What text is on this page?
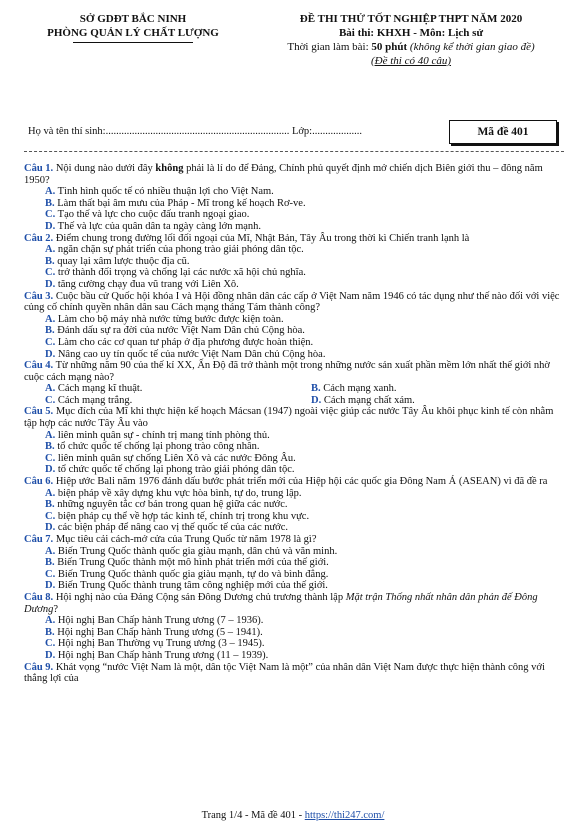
SỞ GDĐT BẮC NINH
PHÒNG QUẢN LÝ CHẤT LƯỢNG
ĐỀ THI THỬ TỐT NGHIỆP THPT NĂM 2020
Bài thi: KHXH - Môn: Lịch sử
Thời gian làm bài: 50 phút (không kể thời gian giao đề)
(Đề thi có 40 câu)
Họ và tên thí sinh:...................................................................... Lớp:...................	Mã đề 401

Câu 1. Nội dung nào dưới đây không phải là lí do để Đảng, Chính phủ quyết định mở chiến dịch Biên giới thu – đông năm 1950?

A. Tình hình quốc tế có nhiều thuận lợi cho Việt Nam.
B. Làm thất bại âm mưu của Pháp - Mĩ trong kế hoạch Rơ-ve.
C. Tạo thế và lực cho cuộc đấu tranh ngoại giao.
D. Thế và lực của quân dân ta ngày càng lớn mạnh.

Câu 2. Điểm chung trong đường lối đối ngoại của Mĩ, Nhật Bản, Tây Âu trong thời kì Chiến tranh lạnh là

A. ngăn chặn sự phát triển của phong trào giải phóng dân tộc.
B. quay lại xâm lược thuộc địa cũ.
C. trở thành đối trọng và chống lại các nước xã hội chủ nghĩa.
D. tăng cường chạy đua vũ trang với Liên Xô.

Câu 3. Cuộc bầu cử Quốc hội khóa I và Hội đồng nhân dân các cấp ở Việt Nam năm 1946 có tác dụng như thế nào đối với việc củng cố chính quyền nhân dân sau Cách mạng tháng Tám thành công?

A. Làm cho bộ máy nhà nước từng bước được kiện toàn.
B. Đánh dấu sự ra đời của nước Việt Nam Dân chủ Cộng hòa.
C. Làm cho các cơ quan tư pháp ở địa phương được hoàn thiện.
D. Nâng cao uy tín quốc tế của nước Việt Nam Dân chủ Cộng hòa.

Câu 4. Từ những năm 90 của thế kỉ XX, Ấn Độ đã trở thành một trong những nước sản xuất phần mềm lớn nhất thế giới nhờ cuộc cách mạng nào?

A. Cách mạng kĩ thuật.	B. Cách mạng xanh.
C. Cách mạng trắng.	D. Cách mạng chất xám.

Câu 5. Mục đích của Mĩ khi thực hiện kế hoạch Mácsan (1947) ngoài việc giúp các nước Tây Âu khôi phục kinh tế còn nhằm tập hợp các nước Tây Âu vào

A. liên minh quân sự - chính trị mang tính phòng thủ.
B. tổ chức quốc tế chống lại phong trào công nhân.
C. liên minh quân sự chống Liên Xô và các nước Đông Âu.
D. tổ chức quốc tế chống lại phong trào giải phóng dân tộc.

Câu 6. Hiệp ước Bali năm 1976 đánh dấu bước phát triển mới của Hiệp hội các quốc gia Đông Nam Á (ASEAN) vì đã đề ra

A. biện pháp về xây dựng khu vực hòa bình, tự do, trung lập.
B. những nguyên tắc cơ bản trong quan hệ giữa các nước.
C. biện pháp cụ thể về hợp tác kinh tế, chính trị trong khu vực.
D. các biện pháp để nâng cao vị thế quốc tế của các nước.

Câu 7. Mục tiêu cải cách-mở cửa của Trung Quốc từ năm 1978 là gì?

A. Biến Trung Quốc thành quốc gia giàu mạnh, dân chủ và văn minh.
B. Biến Trung Quốc thành một mô hình phát triển mới của thế giới.
C. Biến Trung Quốc thành quốc gia giàu mạnh, tự do và bình đẳng.
D. Biến Trung Quốc thành trung tâm công nghiệp mới của thế giới.

Câu 8. Hội nghị nào của Đảng Cộng sản Đông Dương chủ trương thành lập Mặt trận Thống nhất nhân dân phản đế Đông Dương?

A. Hội nghị Ban Chấp hành Trung ương (7 – 1936).
B. Hội nghị Ban Chấp hành Trung ương (5 – 1941).
C. Hội nghị Ban Thường vụ Trung ương (3 – 1945).
D. Hội nghị Ban Chấp hành Trung ương (11 – 1939).

Câu 9. Khát vọng “nước Việt Nam là một, dân tộc Việt Nam là một” của nhân dân Việt Nam được thực hiện thành công với thắng lợi của

Trang 1/4 - Mã đề 401 - https://thi247.com/
